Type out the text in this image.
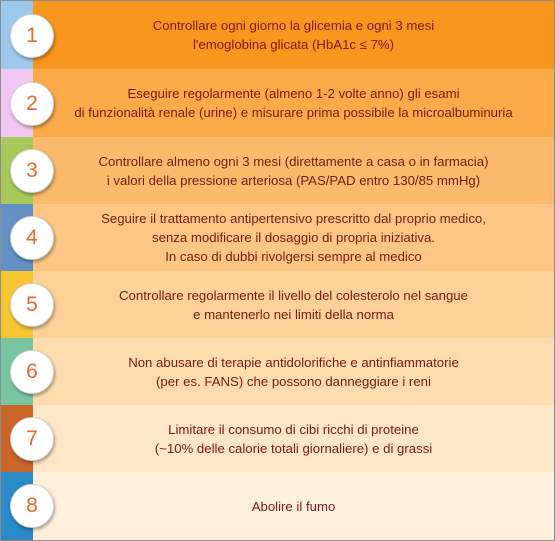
Controllare ogni giorno la glicemia e ogni 3 mesi
l'emoglobina glicata (HbA1c ≤ 7%)
1
Eseguire regolarmente (almeno 1-2 volte anno) gli esami
di funzionalità renale (urine) e misurare prima possibile la microalbuminuria
2
Controllare almeno ogni 3 mesi (direttamente a casa o in farmacia)
i valori della pressione arteriosa (PAS/PAD entro 130/85 mmHg)
3
Seguire il trattamento antipertensivo prescritto dal proprio medico,
senza modificare il dosaggio di propria iniziativa.
In caso di dubbi rivolgersi sempre al medico
4
Controllare regolarmente il livello del colesterolo nel sangue
e mantenerlo nei limiti della norma
5
Non abusare di terapie antidolorifiche e antinfiammatorie
(per es. FANS) che possono danneggiare i reni
6
Limitare il consumo di cibi ricchi di proteine
(~10% delle calorie totali giornaliere) e di grassi
7
Abolire il fumo
8
